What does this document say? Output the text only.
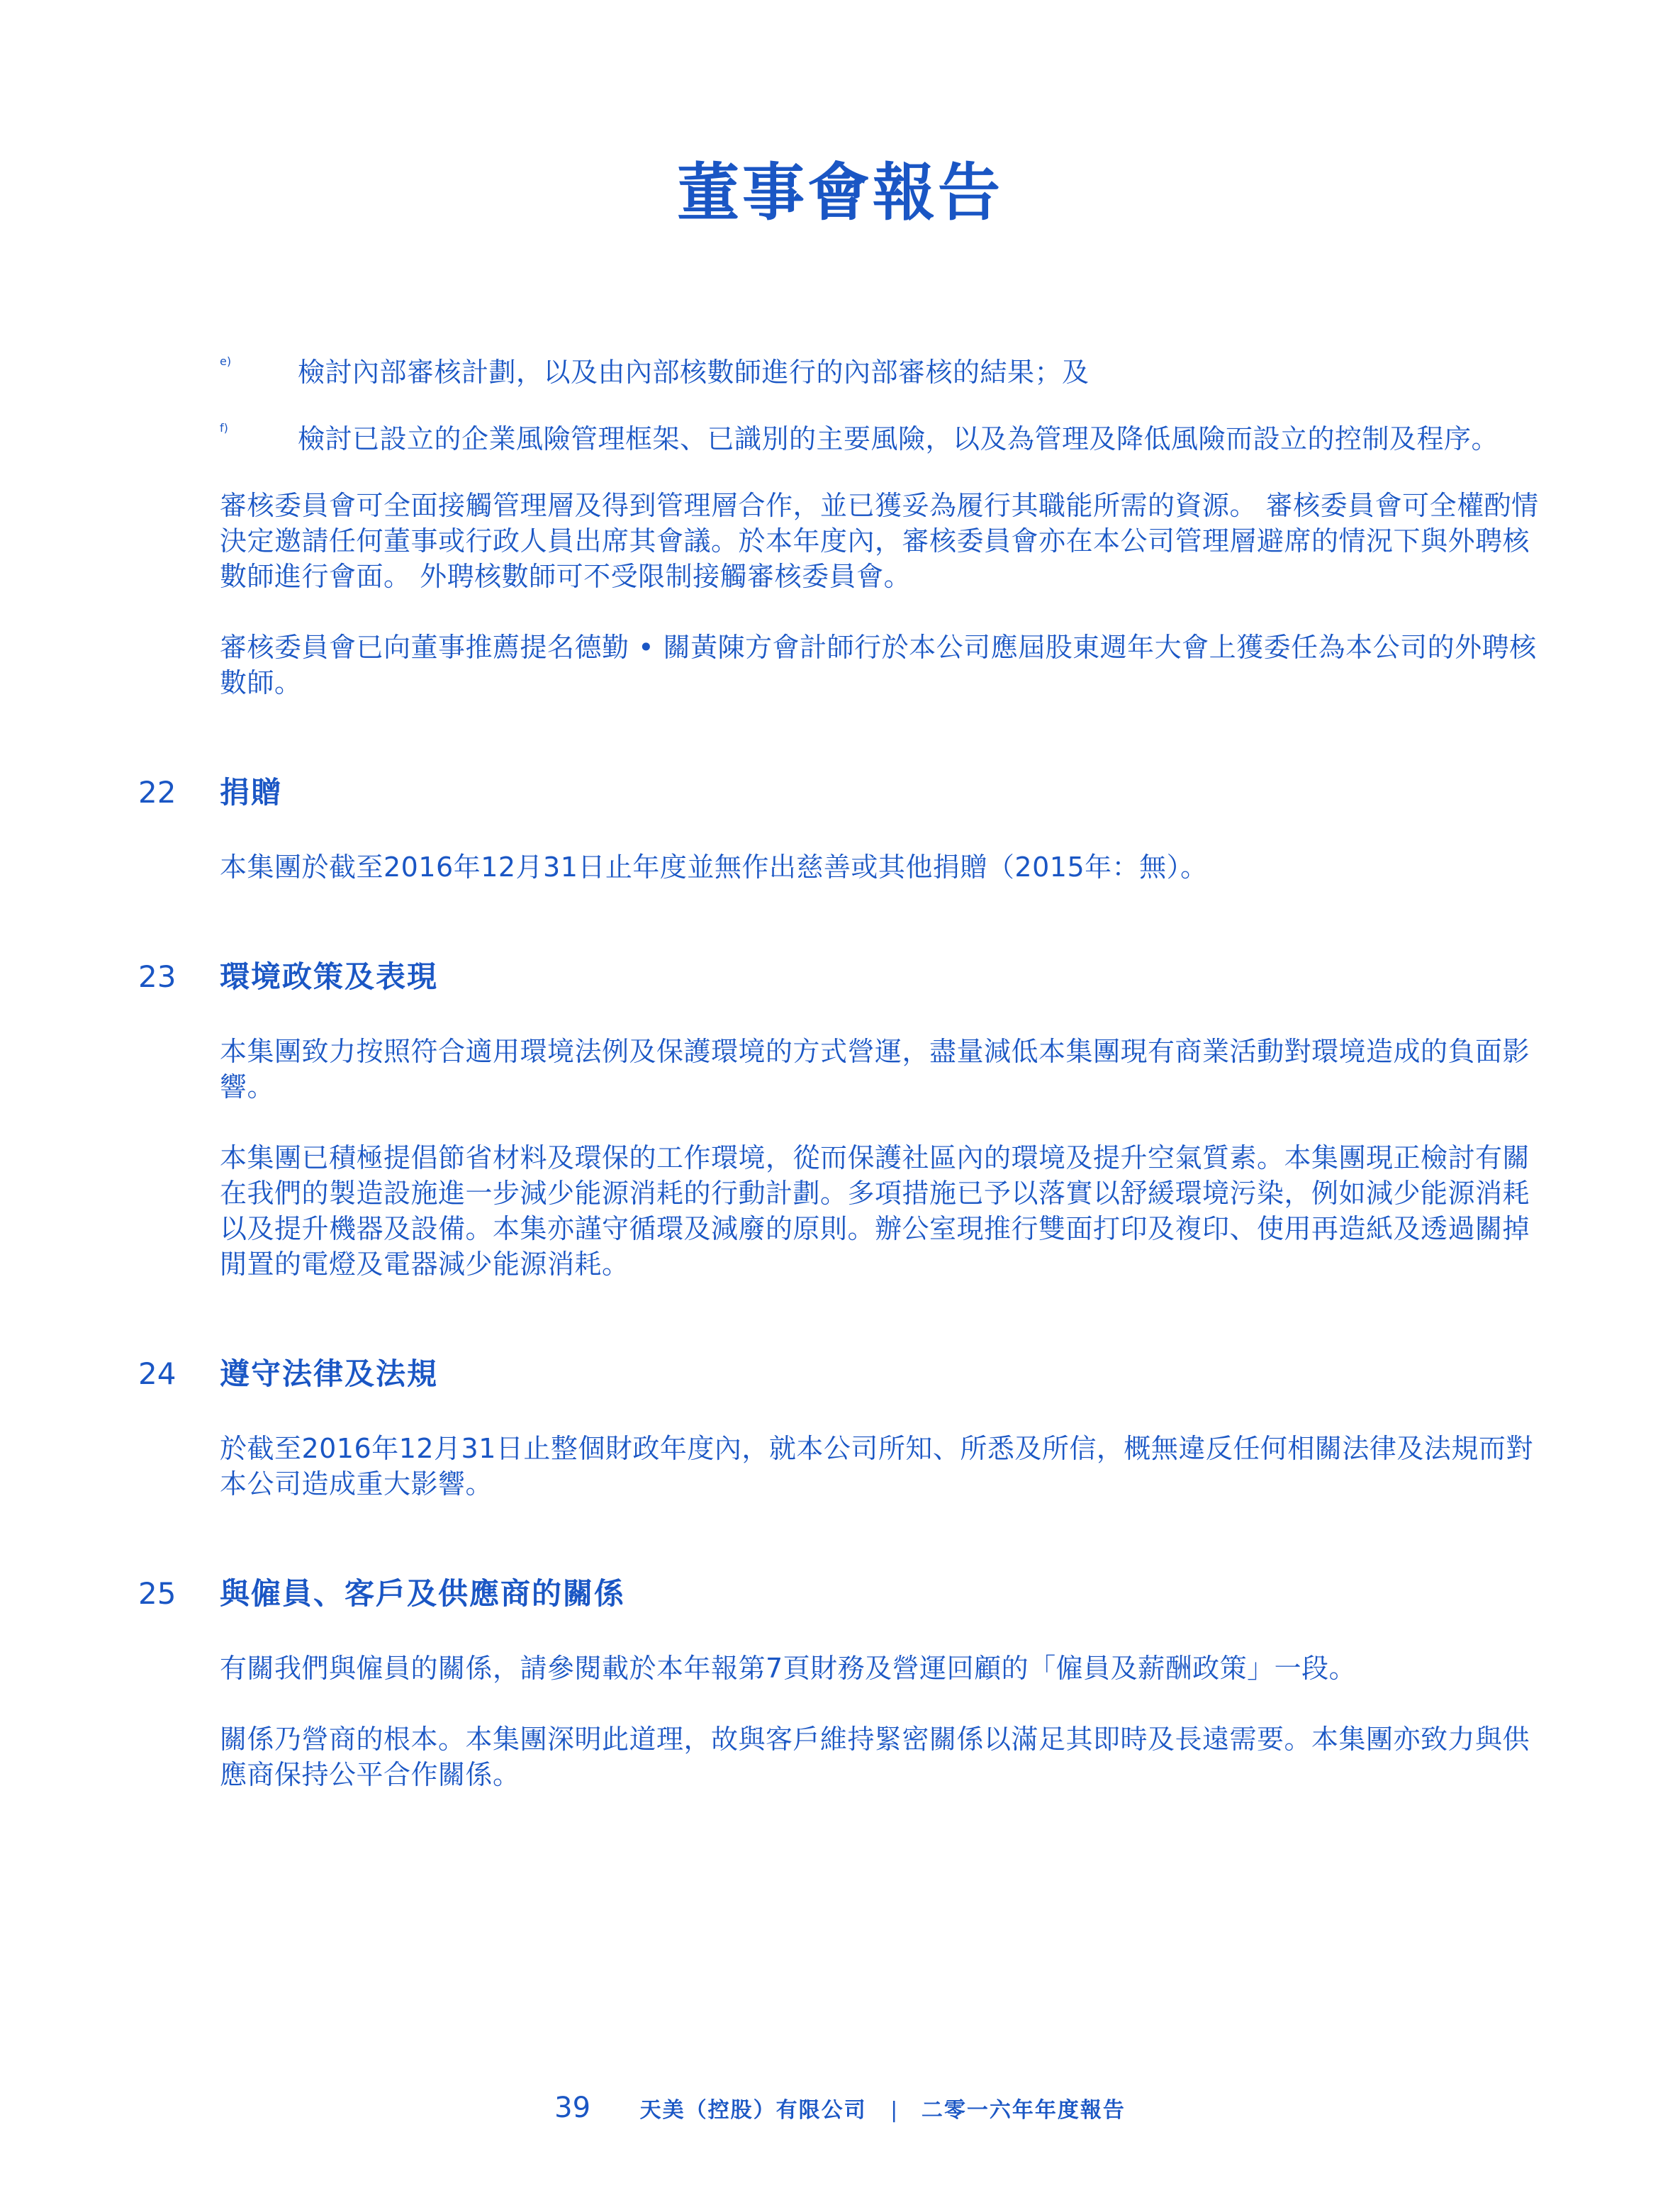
董事會報告
e)	檢討內部審核計劃，以及由內部核數師進行的內部審核的結果；及

f)	檢討已設立的企業風險管理框架、已識別的主要風險，以及為管理及降低風險而設立的控制及程序。

審核委員會可全面接觸管理層及得到管理層合作，並已獲妥為履行其職能所需的資源。 審核委員會可全權酌情決定邀請任何董事或行政人員出席其會議。於本年度內，審核委員會亦在本公司管理層避席的情況下與外聘核數師進行會面。 外聘核數師可不受限制接觸審核委員會。

審核委員會已向董事推薦提名德勤 • 關黃陳方會計師行於本公司應屆股東週年大會上獲委任為本公司的外聘核數師。

22 捐贈

本集團於截至2016年12月31日止年度並無作出慈善或其他捐贈（2015年：無）。

23 環境政策及表現

本集團致力按照符合適用環境法例及保護環境的方式營運，盡量減低本集團現有商業活動對環境造成的負面影響。

本集團已積極提倡節省材料及環保的工作環境，從而保護社區內的環境及提升空氣質素。本集團現正檢討有關在我們的製造設施進一步減少能源消耗的行動計劃。多項措施已予以落實以舒緩環境污染，例如減少能源消耗以及提升機器及設備。本集亦謹守循環及減廢的原則。辦公室現推行雙面打印及複印、使用再造紙及透過關掉閒置的電燈及電器減少能源消耗。

24 遵守法律及法規

於截至2016年12月31日止整個財政年度內，就本公司所知、所悉及所信，概無違反任何相關法律及法規而對本公司造成重大影響。

25 與僱員、客戶及供應商的關係

有關我們與僱員的關係，請參閱載於本年報第7頁財務及營運回顧的「僱員及薪酬政策」一段。

關係乃營商的根本。本集團深明此道理，故與客戶維持緊密關係以滿足其即時及長遠需要。本集團亦致力與供應商保持公平合作關係。

39 天美（控股）有限公司 | 二零一六年年度報告
